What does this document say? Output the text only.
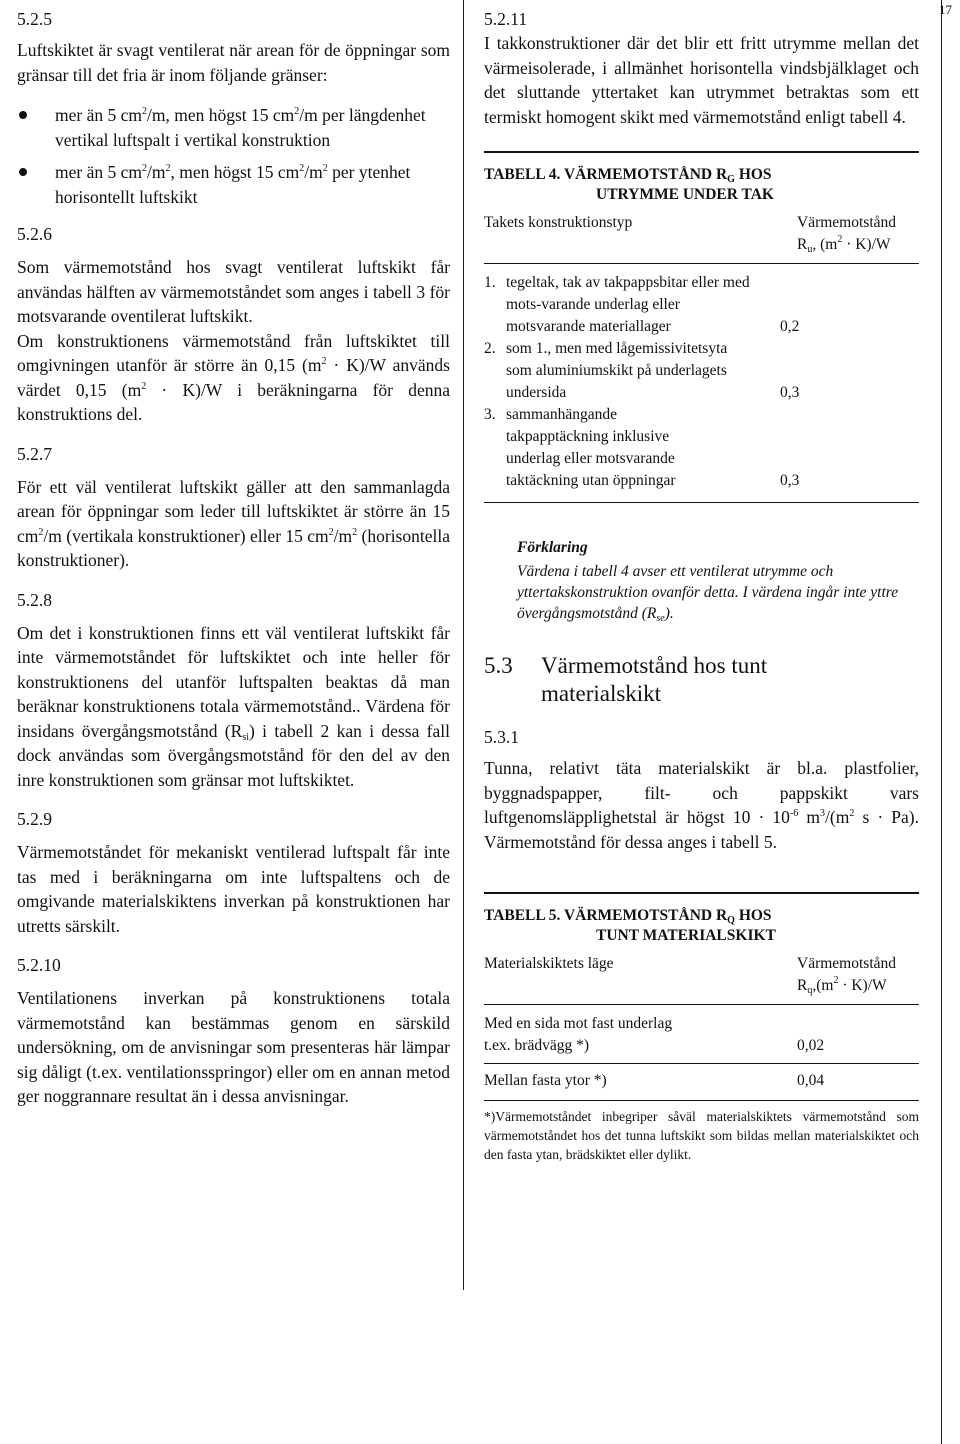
17
5.2.5

Luftskiktet är svagt ventilerat när arean för de öppningar som gränsar till det fria är inom följande gränser:

mer än 5 $cm^2/m$, men högst 15 $cm^2/m$ per längdenhet vertikal luftspalt i vertikal konstruktion
mer än 5 $cm^2/m^2$, men högst 15 $cm^2/m^2$ per ytenhet horisontellt luftskikt
5.2.6

Som värmemotstånd hos svagt ventilerat luftskikt får användas hälften av värmemotståndet som anges i tabell 3 för motsvarande oventilerat luftskikt.

Om konstruktionens värmemotstånd från luftskiktet till omgivningen utanför är större än 0,15 $(m^2 \cdot K)/W$ används värdet 0,15 $(m^2 \cdot K)/W$ i beräkningarna för denna konstruktions del.

5.2.7

För ett väl ventilerat luftskikt gäller att den sammanlagda arean för öppningar som leder till luftskiktet är större än 15 $cm^2/m$ (vertikala konstruktioner) eller 15 $cm^2/m^2$ (horisontella konstruktioner).

5.2.8

Om det i konstruktionen finns ett väl ventilerat luftskikt får inte värmemotståndet för luftskiktet och inte heller för konstruktionens del utanför luftspalten beaktas då man beräknar konstruktionens totala värmemotstånd.. Värdena för insidans övergångsmotstånd $(R_{si})$ i tabell 2 kan i dessa fall dock användas som övergångsmotstånd för den del av den inre konstruktionen som gränsar mot luftskiktet.

5.2.9

Värmemotståndet för mekaniskt ventilerad luftspalt får inte tas med i beräkningarna om inte luftspaltens och de omgivande materialskiktens inverkan på konstruktionen har utretts särskilt.

5.2.10

Ventilationens inverkan på konstruktionens totala värmemotstånd kan bestämmas genom en särskild undersökning, om de anvisningar som presenteras här lämpar sig dåligt (t.ex. ventilationsspringor) eller om en annan metod ger noggrannare resultat än i dessa anvisningar.

5.2.11

I takkonstruktioner där det blir ett fritt utrymme mellan det värmeisolerade, i allmänhet horisontella vindsbjälklaget och det sluttande yttertaket kan utrymmet betraktas som ett termiskt homogent skikt med värmemotstånd enligt tabell 4.

TABELL 4. VÄRMEMOTSTÅND $R_G$ HOS
UTRYMME UNDER TAK
Takets konstruktionstyp	Värmemotstånd
$R_u$, $(m^2 \cdot K)/W$
1. tegeltak, tak av takpappsbitar eller med mots-varande underlag eller motsvarande materiallager	0,2
2. som 1., men med lågemissivitetsyta som aluminiumskikt på underlagets undersida	0,3
3. sammanhängande takpapptäckning inklusive underlag eller motsvarande taktäckning utan öppningar	0,3
Förklaring
Värdena i tabell 4 avser ett ventilerat utrymme och yttertakskonstruktion ovanför detta. I värdena ingår inte yttre övergångsmotstånd $(R_{se})$.
5.3	Värmemotstånd hos tunt materialskikt
5.3.1

Tunna, relativt täta materialskikt är bl.a. plastfolier, byggnadspapper, filt- och pappskikt vars luftgenomsläpplighetstal är högst $10 \cdot 10^{-6}$ $m^3/(m^2$ s · Pa). Värmemotstånd för dessa anges i tabell 5.

TABELL 5. VÄRMEMOTSTÅND $R_Q$ HOS
TUNT MATERIALSKIKT
Materialskiktets läge	Värmemotstånd
$R_q,(m^2 \cdot K)/W$
Med en sida mot fast underlag
t.ex. brädvägg *)	0,02
Mellan fasta ytor *)	0,04
*)Värmemotståndet inbegriper såväl materialskiktets värmemotstånd som värmemotståndet hos det tunna luftskikt som bildas mellan materialskiktet och den fasta ytan, brädskiktet eller dylikt.
